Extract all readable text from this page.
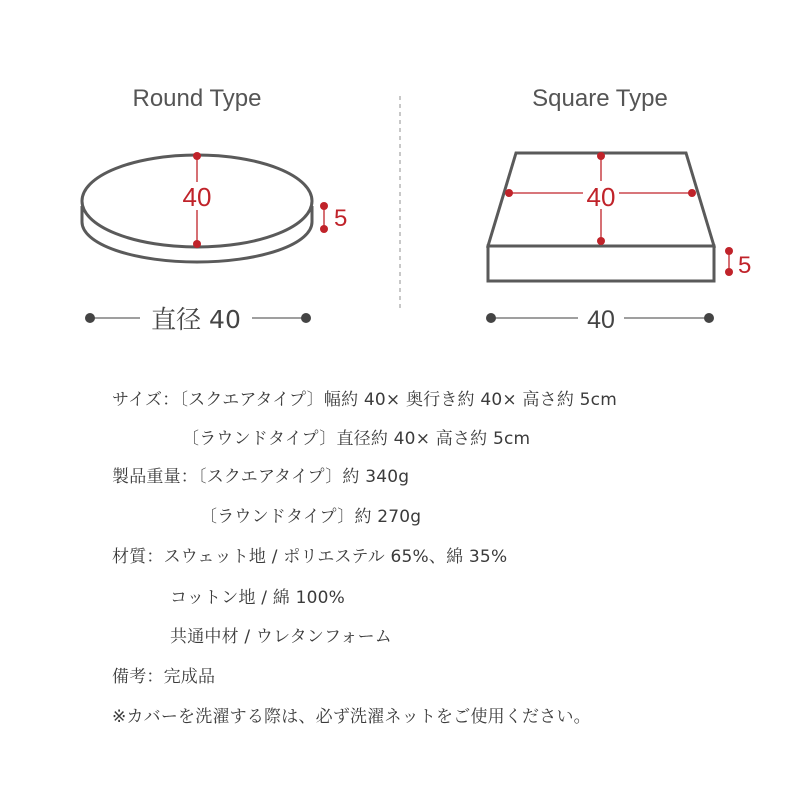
Round Type
40
5
直径 40
Square Type
40
5
40
サイズ：〔スクエアタイプ〕幅約 40× 奥行き約 40× 高さ約 5cm
〔ラウンドタイプ〕直径約 40× 高さ約 5cm
製品重量：〔スクエアタイプ〕約 340g
〔ラウンドタイプ〕約 270g
材質：スウェット地 / ポリエステル 65%、綿 35%
コットン地 / 綿 100%
共通中材 / ウレタンフォーム
備考：完成品
※カバーを洗濯する際は、必ず洗濯ネットをご使用ください。
